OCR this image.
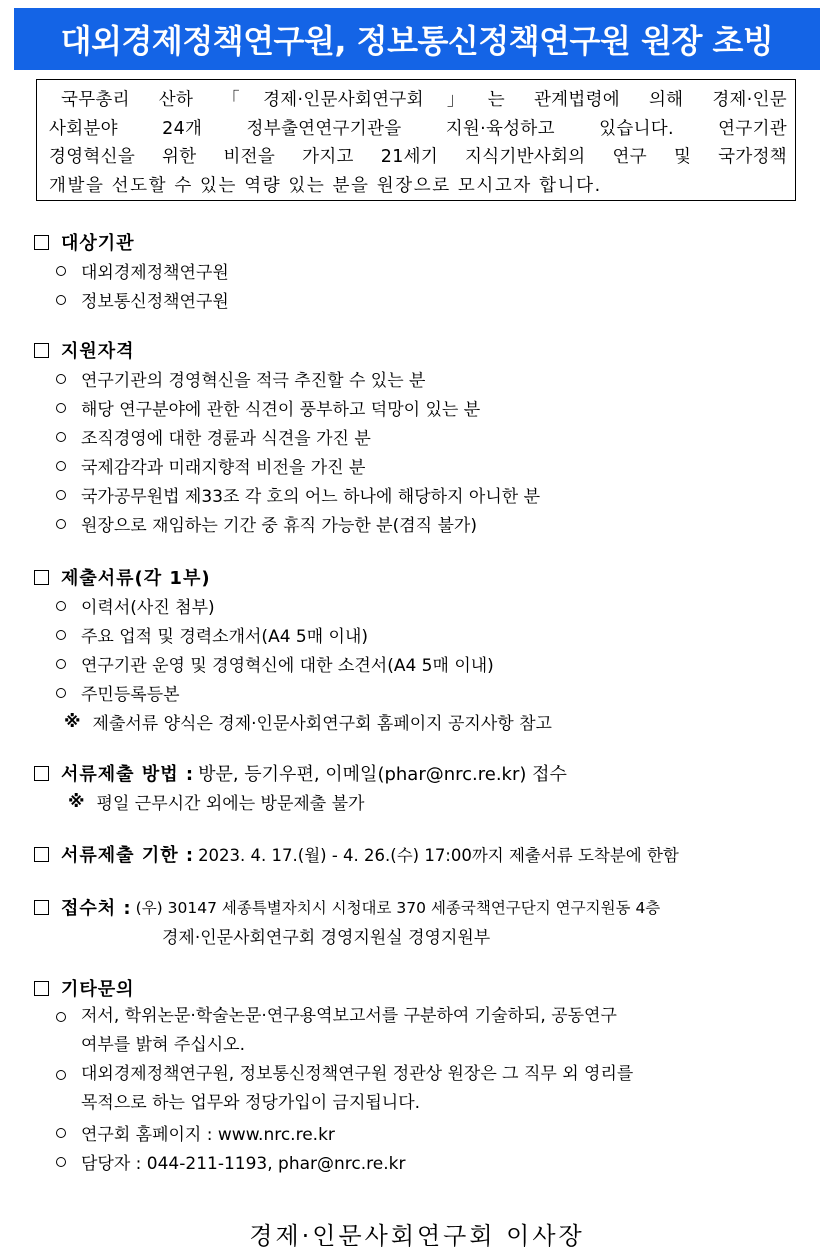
대외경제정책연구원, 정보통신정책연구원 원장 초빙
국무총리 산하 「경제·인문사회연구회」는 관계법령에 의해 경제·인문
사회분야 24개 정부출연연구기관을 지원·육성하고 있습니다. 연구기관
경영혁신을 위한 비전을 가지고 21세기 지식기반사회의 연구 및 국가정책
개발을 선도할 수 있는 역량 있는 분을 원장으로 모시고자 합니다.
대상기관
대외경제정책연구원
정보통신정책연구원
지원자격
연구기관의 경영혁신을 적극 추진할 수 있는 분
해당 연구분야에 관한 식견이 풍부하고 덕망이 있는 분
조직경영에 대한 경륜과 식견을 가진 분
국제감각과 미래지향적 비전을 가진 분
국가공무원법 제33조 각 호의 어느 하나에 해당하지 아니한 분
원장으로 재임하는 기간 중 휴직 가능한 분(겸직 불가)
제출서류(각 1부)
이력서(사진 첨부)
주요 업적 및 경력소개서(A4 5매 이내)
연구기관 운영 및 경영혁신에 대한 소견서(A4 5매 이내)
주민등록등본
※ 제출서류 양식은 경제·인문사회연구회 홈페이지 공지사항 참고
서류제출 방법 : 방문, 등기우편, 이메일(phar@nrc.re.kr) 접수
※ 평일 근무시간 외에는 방문제출 불가
서류제출 기한 : 2023. 4. 17.(월) - 4. 26.(수) 17:00까지 제출서류 도착분에 한함
접수처 : (우) 30147 세종특별자치시 시청대로 370 세종국책연구단지 연구지원동 4층
경제·인문사회연구회 경영지원실 경영지원부
기타문의
저서, 학위논문·학술논문·연구용역보고서를 구분하여 기술하되, 공동연구
여부를 밝혀 주십시오.
대외경제정책연구원, 정보통신정책연구원 정관상 원장은 그 직무 외 영리를
목적으로 하는 업무와 정당가입이 금지됩니다.
연구회 홈페이지 : www.nrc.re.kr
담당자 : 044-211-1193, phar@nrc.re.kr
경제·인문사회연구회 이사장
